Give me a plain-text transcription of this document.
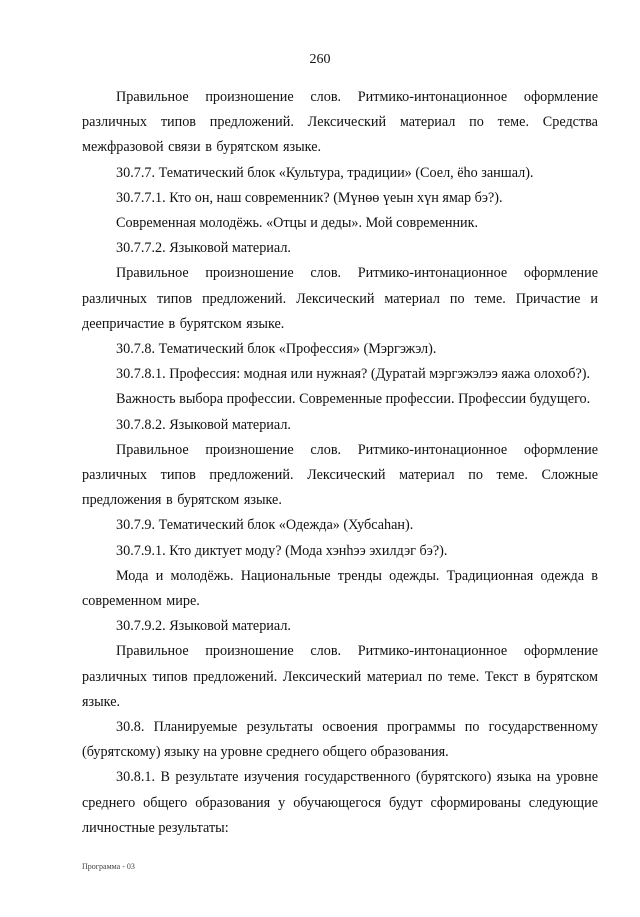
260

Правильное произношение слов. Ритмико-интонационное оформление различных типов предложений. Лексический материал по теме. Средства межфразовой связи в бурятском языке.

30.7.7. Тематический блок «Культура, традиции» (Соел, ёһо заншал).

30.7.7.1. Кто он, наш современник? (Мүнөө үеын хүн ямар бэ?).

Современная молодёжь. «Отцы и деды». Мой современник.

30.7.7.2. Языковой материал.

Правильное произношение слов. Ритмико-интонационное оформление различных типов предложений. Лексический материал по теме. Причастие и деепричастие в бурятском языке.

30.7.8. Тематический блок «Профессия» (Мэргэжэл).

30.7.8.1. Профессия: модная или нужная? (Дуратай мэргэжэлээ яажа олохоб?).

Важность выбора профессии. Современные профессии. Профессии будущего.

30.7.8.2. Языковой материал.

Правильное произношение слов. Ритмико-интонационное оформление различных типов предложений. Лексический материал по теме. Сложные предложения в бурятском языке.

30.7.9. Тематический блок «Одежда» (Хубсаһан).

30.7.9.1. Кто диктует моду? (Мода хэнһээ эхилдэг бэ?).

Мода и молодёжь. Национальные тренды одежды. Традиционная одежда в современном мире.

30.7.9.2. Языковой материал.

Правильное произношение слов. Ритмико-интонационное оформление различных типов предложений. Лексический материал по теме. Текст в бурятском языке.

30.8. Планируемые результаты освоения программы по государственному (бурятскому) языку на уровне среднего общего образования.

30.8.1. В результате изучения государственного (бурятского) языка на уровне среднего общего образования у обучающегося будут сформированы следующие личностные результаты:

Программа - 03
